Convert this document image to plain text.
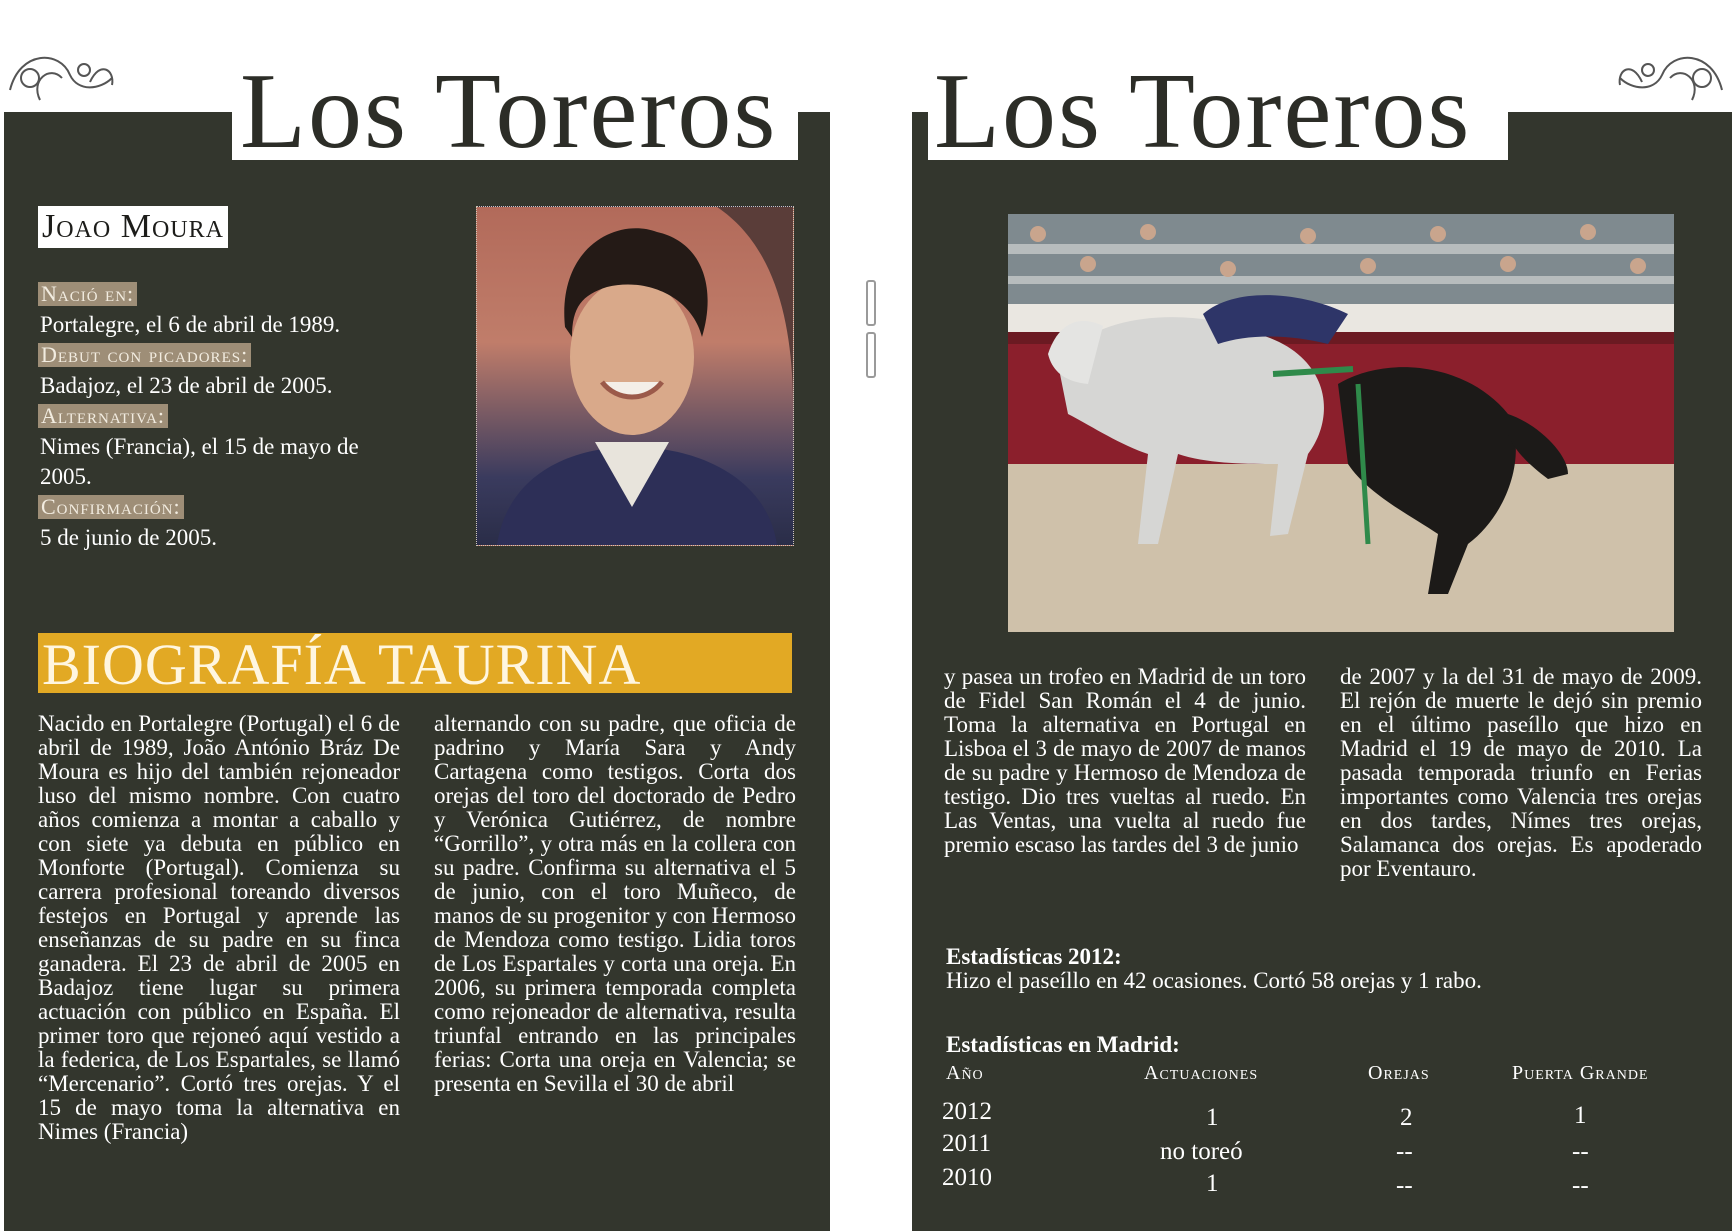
Los Toreros
Joao Moura
Nació en:
Portalegre, el 6 de abril de 1989.
Debut con picadores:
Badajoz, el 23 de abril de 2005.
Alternativa:
Nimes (Francia), el 15 de mayo de 2005.
Confirmación:
5 de junio de 2005.
BIOGRAFÍA TAURINA
Nacido en Portalegre (Portugal) el 6 de abril de 1989, João António Bráz De Moura es hijo del también rejoneador luso del mismo nombre. Con cuatro años comienza a montar a caballo y con siete ya debuta en público en Monforte (Portugal). Comienza su carrera profesional toreando diversos festejos en Portugal y aprende las enseñanzas de su padre en su finca ganadera. El 23 de abril de 2005 en Badajoz tiene lugar su primera actuación con público en España. El primer toro que rejoneó aquí vestido a la federica, de Los Espartales, se llamó “Mercenario”. Cortó tres orejas. Y el 15 de mayo toma la alternativa en Nimes (Francia)
alternando con su padre, que oficia de padrino y María Sara y Andy Cartagena como testigos. Corta dos orejas del toro del doctorado de Pedro y Verónica Gutiérrez, de nombre “Gorrillo”, y otra más en la collera con su padre. Confirma su alternativa el 5 de junio, con el toro Muñeco, de manos de su progenitor y con Hermoso de Mendoza como testigo. Lidia toros de Los Espartales y corta una oreja. En 2006, su primera temporada completa como rejoneador de alternativa, resulta triunfal entrando en las principales ferias: Corta una oreja en Valencia; se presenta en Sevilla el 30 de abril
Los Toreros
y pasea un trofeo en Madrid de un toro de Fidel San Román el 4 de junio. Toma la alternativa en Portugal en Lisboa el 3 de mayo de 2007 de manos de su padre y Hermoso de Mendoza de testigo. Dio tres vueltas al ruedo. En Las Ventas, una vuelta al ruedo fue premio escaso las tardes del 3 de junio
de 2007 y la del 31 de mayo de 2009. El rejón de muerte le dejó sin premio en el último paseíllo que hizo en Madrid el 19 de mayo de 2010. La pasada temporada triunfo en Ferias importantes como Valencia tres orejas en dos tardes, Nímes tres orejas, Salamanca dos orejas. Es apoderado por Eventauro.
Estadísticas 2012:
Hizo el paseíllo en 42 ocasiones. Cortó 58 orejas y 1 rabo.
Estadísticas en Madrid:
Año	Actuaciones	Orejas	Puerta Grande
2012	1	2	1
2011	no toreó	--	--
2010	1	--	--
